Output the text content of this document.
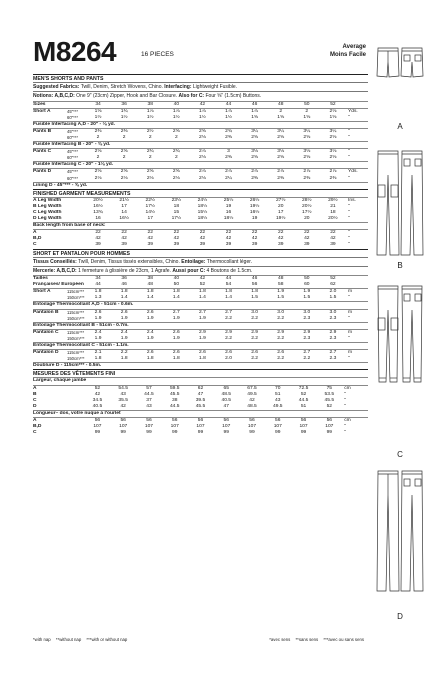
M8264	16 PIECES
Average
Moins Facile
MEN'S SHORTS AND PANTS
Suggested Fabrics: Twill, Denim, Stretch Wovens, Chino. Interfacing: Lightweight Fusible.
Notions: A,B,C,D: One 9" (23cm) Zipper, Hook and Bar Closure. Also for C: Four ⅝" (1.5cm) Buttons.
Sizes		34	36	38	40	42	44	46	48	50	52	
Short A	45"***	1⅝	1¾	1⅞	1⅞	1⅞	1⅞	1⅞	2	2	2⅛	Yds.
	60"***	1½	1½	1½	1½	1½	1½	1⅝	1⅝	1⅝	1⅝	"
Fusible Interfacing A,D - 20" - ⅛ yd.												
Pants B	45"***	2⅜	2⅜	2½	2⅝	2⅝	2¾	3¼	3¼	3¼	3¼	"
	60"***	2	2	2	2	2⅛	2⅜	2⅝	2⅝	2⅝	2⅝	"
Fusible Interfacing B - 20" - ⅜ yd.												
Pants C	45"***	2⅝	2⅝	2¾	2¾	2⅞	3	3⅛	3⅛	3⅛	3⅛	"
	60"***	2	2	2	2	2⅛	2⅜	2⅝	2⅝	2⅝	2⅝	"
Fusible Interfacing C - 20" - 1⅛ yd.												
Pants D	45"***	2⅝	2⅝	2⅝	2⅝	2⅞	2⅞	2⅞	2⅞	2⅞	2⅞	Yds.
	60"***	2⅛	2⅛	2⅛	2⅛	2⅛	2¼	2⅜	2⅜	2⅜	2⅜	"
Lining D - 45"*** - ⅝ yd.												
FINISHED GARMENT MEASUREMENTS
A Leg Width	20½	21½	22½	23½	24½	25½	26½	27½	28½	29½	Ins.
B Leg Width	16½	17	17½	18	18½	19	19½	20	20½	21	"
C Leg Width	13¾	14	14½	15	15½	16	16½	17	17½	18	"
D Leg Width	16	16½	17	17½	18½	18½	19	19½	20	20½	"
Back length from base of neck:											
A	22	22	22	22	22	22	22	22	22	22	"
B,D	42	42	42	42	42	42	42	42	42	42	"
C	39	39	39	39	39	39	39	39	39	39	"
SHORT ET PANTALON POUR HOMMES
Tissus Conseillés: Twill, Denim, Tissus tissés extensibles, Chino. Entoilage: Thermocollant léger.
Mercerie: A,B,C,D: 1 fermeture à glissière de 23cm, 1 Agrafe. Aussi pour C: 4 Boutons de 1.5cm.
Tailles		34	36	38	40	42	44	46	48	50	52	
Françaises/ Européen		44	46	48	50	52	54	56	58	60	62	
Short A	115cm***	1.8	1.8	1.8	1.8	1.8	1.8	1.8	1.9	1.9	2.0	m
	150cm***	1.3	1.4	1.4	1.4	1.4	1.4	1.5	1.5	1.5	1.5	"
Entoilage Thermocollant A,D - 51cm - 0.6m.												
Pantalon B	115cm***	2.6	2.6	2.6	2.7	2.7	2.7	3.0	3.0	3.0	3.0	m
	150cm***	1.9	1.9	1.9	1.9	1.9	2.2	2.2	2.2	2.3	2.3	"
Entoilage Thermocollant B - 51cm - 0.7m.												
Pantalon C	115cm***	2.4	2.4	2.4	2.6	2.9	2.9	2.9	2.9	2.9	2.9	m
	150cm***	1.9	1.9	1.9	1.9	1.9	2.2	2.2	2.2	2.3	2.3	"
Entoilage Thermocollant C - 51cm - 1.1m.												
Pantalon D	115cm***	2.1	2.2	2.6	2.6	2.6	2.6	2.6	2.6	2.7	2.7	m
	150cm***	1.8	1.8	1.8	1.8	1.8	2.0	2.2	2.2	2.2	2.3	"
Doublure D - 115cm*** - 0.5m.												
MESURES DES VÊTEMENTS FINI
Largeur, chaque jambe											
A	52	54.5	57	59.5	62	65	67.5	70	72.5	75	cm
B	42	43	44.5	45.5	47	48.5	49.5	51	52	53.5	"
C	34.5	35.5	37	38	39.5	40.5	42	43	44.5	45.5	"
D	40.5	42	43	44.5	45.5	47	48.5	49.5	51	52	"
Longueur– dos, votre nuque à l'ourlet											
A	56	56	56	56	56	56	56	56	56	56	cm
B,D	107	107	107	107	107	107	107	107	107	107	"
C	99	99	99	99	99	99	99	99	99	99	"
*with nap **without nap ***with or without nap	*avec sens **sans sens ***avec ou sans sens
A
B
C
D
